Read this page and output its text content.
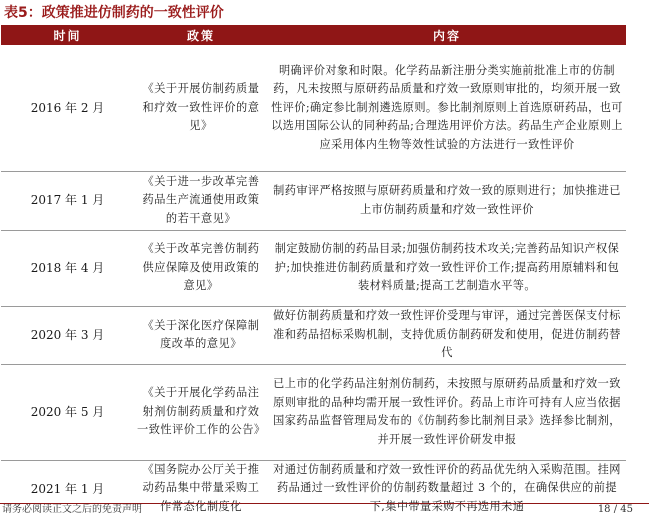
表5：政策推进仿制药的一致性评价
时间	政策	内容
2016 年 2 月	《关于开展仿制药质量和疗效一致性评价的意见》	明确评价对象和时限。化学药品新注册分类实施前批准上市的仿制药，凡未按照与原研药品质量和疗效一致原则审批的，均须开展一致性评价;确定参比制剂遴选原则。参比制剂原则上首选原研药品，也可以选用国际公认的同种药品;合理选用评价方法。药品生产企业原则上应采用体内生物等效性试验的方法进行一致性评价
2017 年 1 月	《关于进一步改革完善药品生产流通使用政策的若干意见》	制药审评严格按照与原研药质量和疗效一致的原则进行；加快推进已上市仿制药质量和疗效一致性评价
2018 年 4 月	《关于改革完善仿制药供应保障及使用政策的意见》	制定鼓励仿制的药品目录;加强仿制药技术攻关;完善药品知识产权保护;加快推进仿制药质量和疗效一致性评价工作;提高药用原辅料和包装材料质量;提高工艺制造水平等。
2020 年 3 月	《关于深化医疗保障制度改革的意见》	做好仿制药质量和疗效一致性评价受理与审评，通过完善医保支付标准和药品招标采购机制，支持优质仿制药研发和使用，促进仿制药替代
2020 年 5 月	《关于开展化学药品注射剂仿制药质量和疗效一致性评价工作的公告》	已上市的化学药品注射剂仿制药，未按照与原研药品质量和疗效一致原则审批的品种均需开展一致性评价。药品上市许可持有人应当依据国家药品监督管理局发布的《仿制药参比制剂目录》选择参比制剂，并开展一致性评价研发申报
2021 年 1 月	《国务院办公厅关于推动药品集中带量采购工作常态化制度化	对通过仿制药质量和疗效一致性评价的药品优先纳入采购范围。挂网药品通过一致性评价的仿制药数量超过 3 个的，在确保供应的前提下,集中带量采购不再选用未通
请务必阅读正文之后的免责声明	18 / 45
